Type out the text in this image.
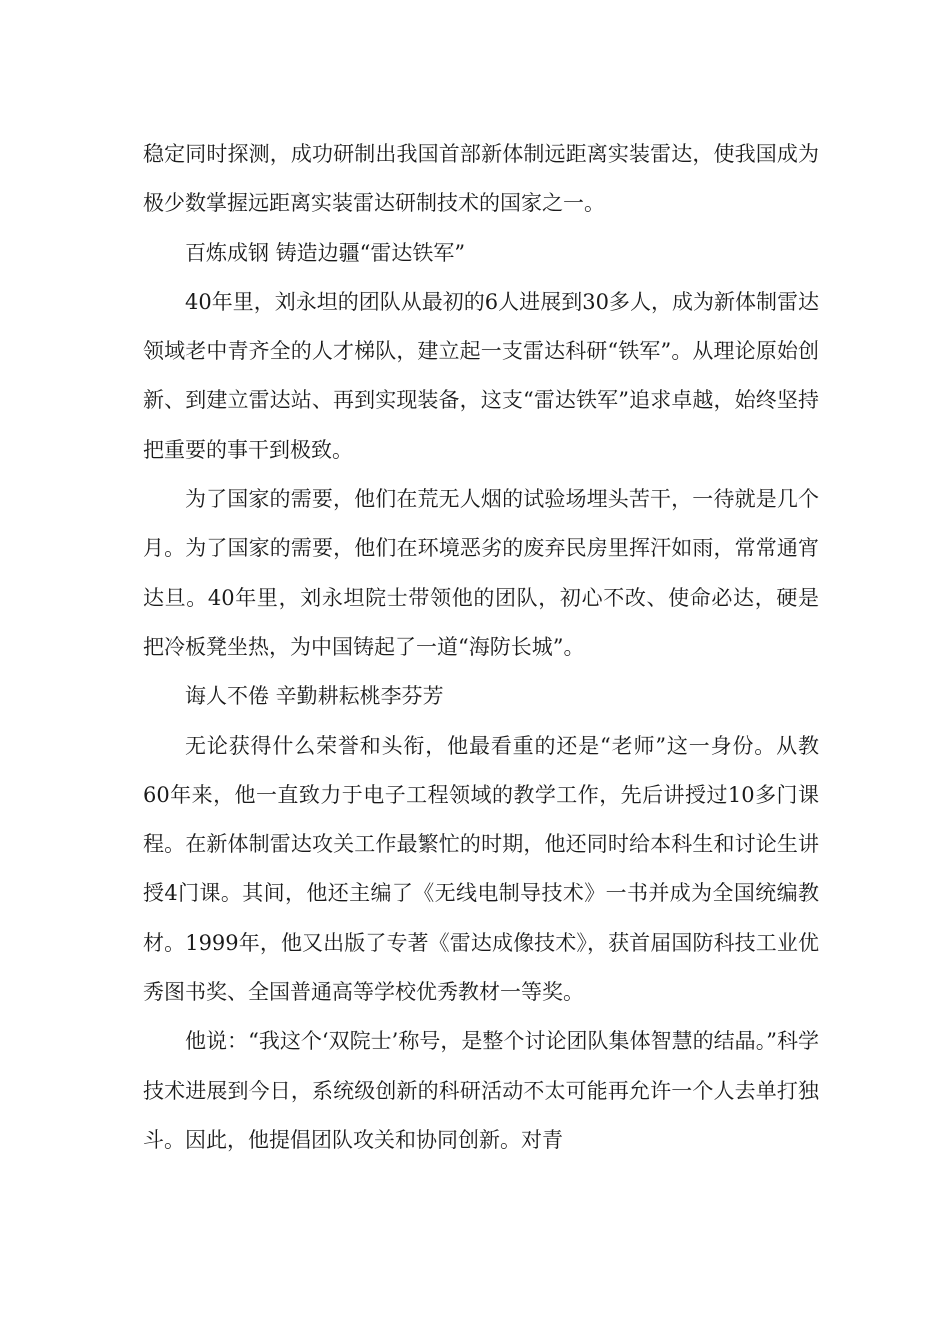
稳定同时探测，成功研制出我国首部新体制远距离实装雷达，使我国成为极少数掌握远距离实装雷达研制技术的国家之一。

百炼成钢 铸造边疆“雷达铁军”

40年里，刘永坦的团队从最初的6人进展到30多人，成为新体制雷达领域老中青齐全的人才梯队，建立起一支雷达科研“铁军”。从理论原始创新、到建立雷达站、再到实现装备，这支“雷达铁军”追求卓越，始终坚持把重要的事干到极致。

为了国家的需要，他们在荒无人烟的试验场埋头苦干，一待就是几个月。为了国家的需要，他们在环境恶劣的废弃民房里挥汗如雨，常常通宵达旦。40年里，刘永坦院士带领他的团队，初心不改、使命必达，硬是把冷板凳坐热，为中国铸起了一道“海防长城”。

诲人不倦 辛勤耕耘桃李芬芳

无论获得什么荣誉和头衔，他最看重的还是“老师”这一身份。从教60年来，他一直致力于电子工程领域的教学工作，先后讲授过10多门课程。在新体制雷达攻关工作最繁忙的时期，他还同时给本科生和讨论生讲授4门课。其间，他还主编了《无线电制导技术》一书并成为全国统编教材。1999年，他又出版了专著《雷达成像技术》，获首届国防科技工业优秀图书奖、全国普通高等学校优秀教材一等奖。

他说：“我这个‘双院士’称号，是整个讨论团队集体智慧的结晶。”科学技术进展到今日，系统级创新的科研活动不太可能再允许一个人去单打独斗。因此，他提倡团队攻关和协同创新。对青
